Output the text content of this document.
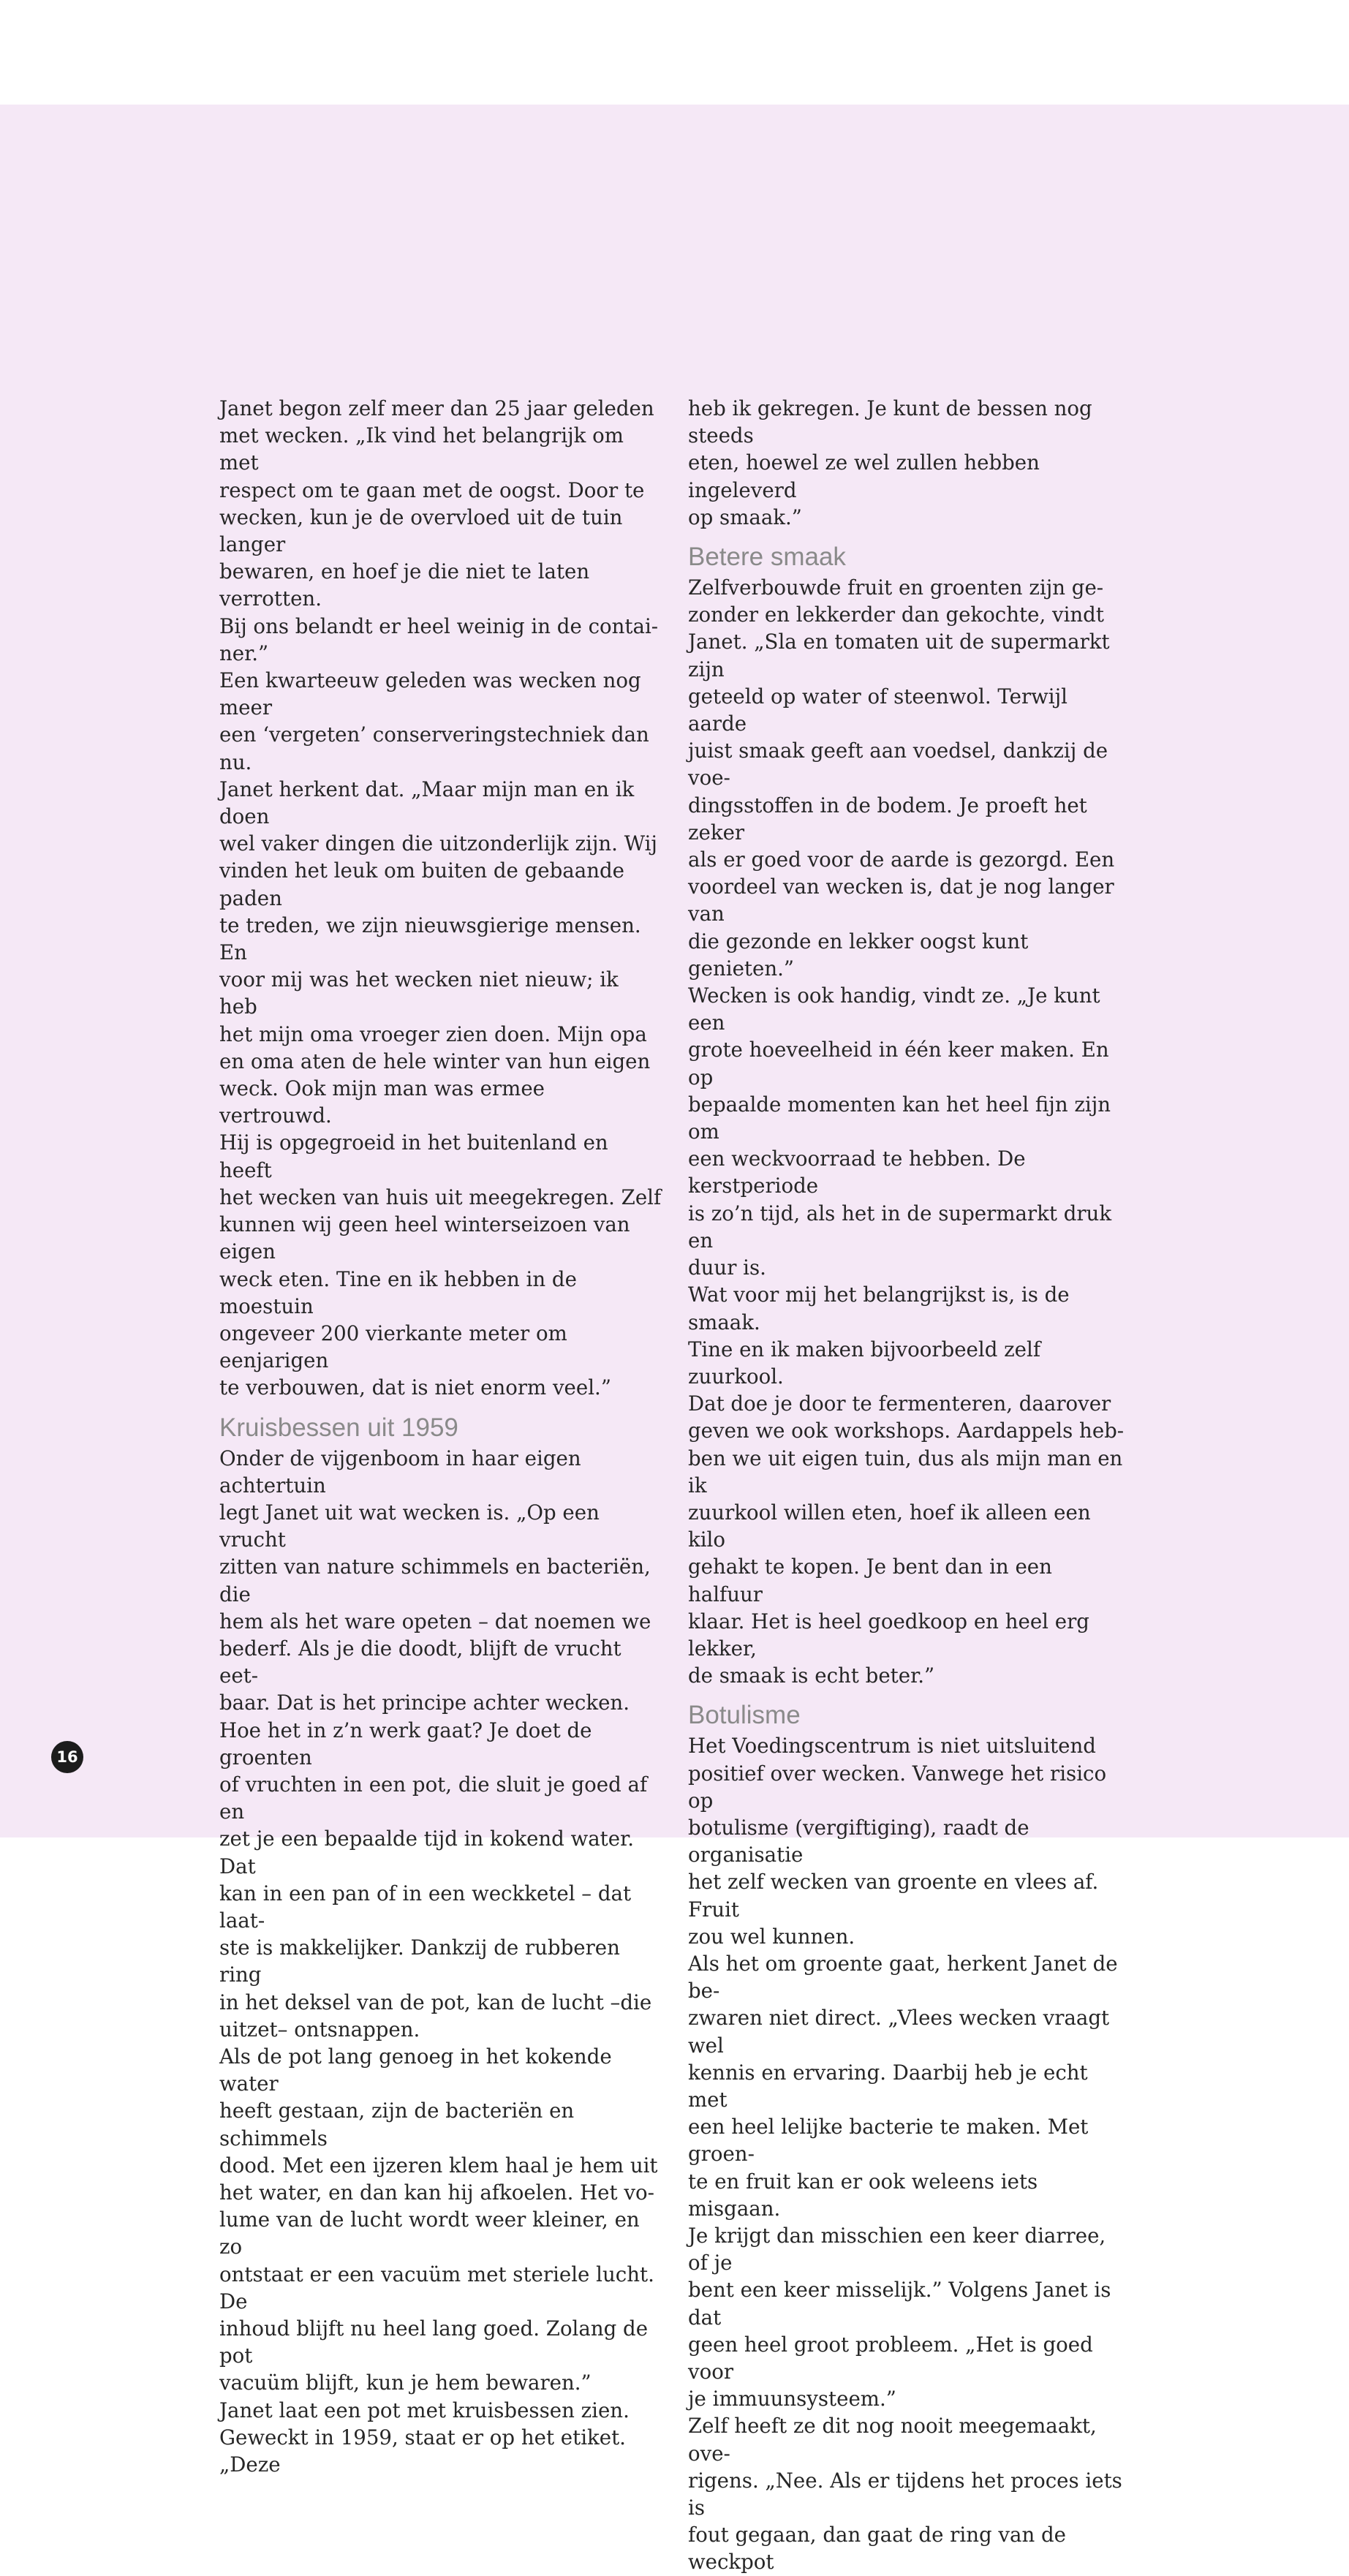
Janet begon zelf meer dan 25 jaar geleden
met wecken. „Ik vind het belangrijk om met
respect om te gaan met de oogst. Door te
wecken, kun je de overvloed uit de tuin langer
bewaren, en hoef je die niet te laten verrotten.
Bij ons belandt er heel weinig in de contai-
ner.”

Een kwarteeuw geleden was wecken nog meer
een ‘vergeten’ conserveringstechniek dan nu.
Janet herkent dat. „Maar mijn man en ik doen
wel vaker dingen die uitzonderlijk zijn. Wij
vinden het leuk om buiten de gebaande paden
te treden, we zijn nieuwsgierige mensen. En
voor mij was het wecken niet nieuw; ik heb
het mijn oma vroeger zien doen. Mijn opa
en oma aten de hele winter van hun eigen
weck. Ook mijn man was ermee vertrouwd.
Hij is opgegroeid in het buitenland en heeft
het wecken van huis uit meegekregen. Zelf
kunnen wij geen heel winterseizoen van eigen
weck eten. Tine en ik hebben in de moestuin
ongeveer 200 vierkante meter om eenjarigen
te verbouwen, dat is niet enorm veel.”

Kruisbessen uit 1959

Onder de vijgenboom in haar eigen achtertuin
legt Janet uit wat wecken is. „Op een vrucht
zitten van nature schimmels en bacteriën, die
hem als het ware opeten – dat noemen we
bederf. Als je die doodt, blijft de vrucht eet-
baar. Dat is het principe achter wecken.

Hoe het in z’n werk gaat? Je doet de groenten
of vruchten in een pot, die sluit je goed af en
zet je een bepaalde tijd in kokend water. Dat
kan in een pan of in een weckketel – dat laat-
ste is makkelijker. Dankzij de rubberen ring
in het deksel van de pot, kan de lucht –die
uitzet– ontsnappen.

Als de pot lang genoeg in het kokende water
heeft gestaan, zijn de bacteriën en schimmels
dood. Met een ijzeren klem haal je hem uit
het water, en dan kan hij afkoelen. Het vo-
lume van de lucht wordt weer kleiner, en zo
ontstaat er een vacuüm met steriele lucht. De
inhoud blijft nu heel lang goed. Zolang de pot
vacuüm blijft, kun je hem bewaren.”

Janet laat een pot met kruisbessen zien.
Geweckt in 1959, staat er op het etiket. „Deze

heb ik gekregen. Je kunt de bessen nog steeds
eten, hoewel ze wel zullen hebben ingeleverd
op smaak.”

Betere smaak

Zelfverbouwde fruit en groenten zijn ge-
zonder en lekkerder dan gekochte, vindt
Janet. „Sla en tomaten uit de supermarkt zijn
geteeld op water of steenwol. Terwijl aarde
juist smaak geeft aan voedsel, dankzij de voe-
dingsstoffen in de bodem. Je proeft het zeker
als er goed voor de aarde is gezorgd. Een
voordeel van wecken is, dat je nog langer van
die gezonde en lekker oogst kunt genieten.”

Wecken is ook handig, vindt ze. „Je kunt een
grote hoeveelheid in één keer maken. En op
bepaalde momenten kan het heel fijn zijn om
een weckvoorraad te hebben. De kerstperiode
is zo’n tijd, als het in de supermarkt druk en
duur is.

Wat voor mij het belangrijkst is, is de smaak.
Tine en ik maken bijvoorbeeld zelf zuurkool.
Dat doe je door te fermenteren, daarover
geven we ook workshops. Aardappels heb-
ben we uit eigen tuin, dus als mijn man en ik
zuurkool willen eten, hoef ik alleen een kilo
gehakt te kopen. Je bent dan in een halfuur
klaar. Het is heel goedkoop en heel erg lekker,
de smaak is echt beter.”

Botulisme

Het Voedingscentrum is niet uitsluitend
positief over wecken. Vanwege het risico op
botulisme (vergiftiging), raadt de organisatie
het zelf wecken van groente en vlees af. Fruit
zou wel kunnen.

Als het om groente gaat, herkent Janet de be-
zwaren niet direct. „Vlees wecken vraagt wel
kennis en ervaring. Daarbij heb je echt met
een heel lelijke bacterie te maken. Met groen-
te en fruit kan er ook weleens iets misgaan.
Je krijgt dan misschien een keer diarree, of je
bent een keer misselijk.” Volgens Janet is dat
geen heel groot probleem. „Het is goed voor
je immuunsysteem.”

Zelf heeft ze dit nog nooit meegemaakt, ove-
rigens. „Nee. Als er tijdens het proces iets is
fout gegaan, dan gaat de ring van de weckpot

16
